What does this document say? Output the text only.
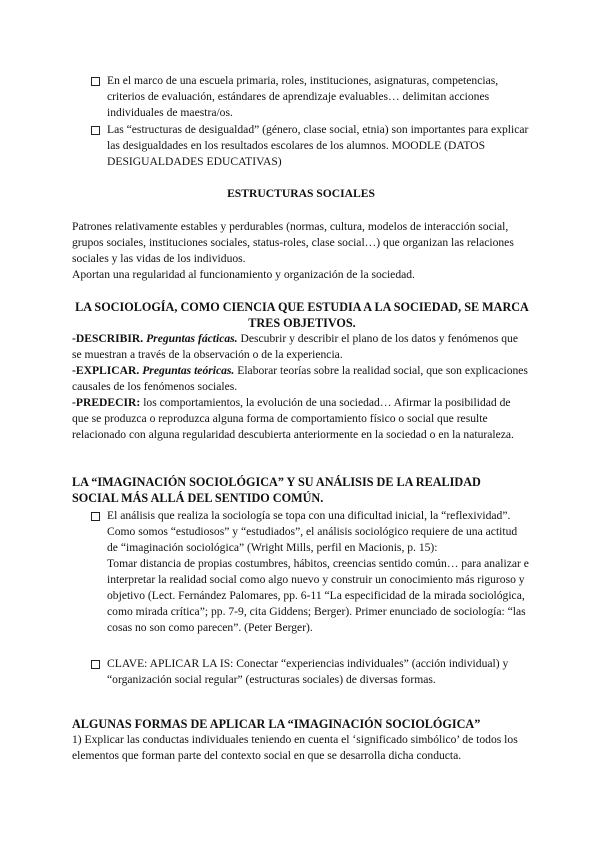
En el marco de una escuela primaria, roles, instituciones, asignaturas, competencias, criterios de evaluación, estándares de aprendizaje evaluables… delimitan acciones individuales de maestra/os.

Las “estructuras de desigualdad” (género, clase social, etnia) son importantes para explicar las desigualdades en los resultados escolares de los alumnos. MOODLE (DATOS DESIGUALDADES EDUCATIVAS)

ESTRUCTURAS SOCIALES

Patrones relativamente estables y perdurables (normas, cultura, modelos de interacción social, grupos sociales, instituciones sociales, status-roles, clase social…) que organizan las relaciones sociales y las vidas de los individuos.

Aportan una regularidad al funcionamiento y organización de la sociedad.

LA SOCIOLOGÍA, COMO CIENCIA QUE ESTUDIA A LA SOCIEDAD, SE MARCA
TRES OBJETIVOS.

-DESCRIBIR. Preguntas fácticas. Descubrir y describir el plano de los datos y fenómenos que se muestran a través de la observación o de la experiencia.

-EXPLICAR. Preguntas teóricas. Elaborar teorías sobre la realidad social, que son explicaciones causales de los fenómenos sociales.

-PREDECIR: los comportamientos, la evolución de una sociedad… Afirmar la posibilidad de que se produzca o reproduzca alguna forma de comportamiento físico o social que resulte relacionado con alguna regularidad descubierta anteriormente en la sociedad o en la naturaleza.

LA “IMAGINACIÓN SOCIOLÓGICA” Y SU ANÁLISIS DE LA REALIDAD
SOCIAL MÁS ALLÁ DEL SENTIDO COMÚN.

El análisis que realiza la sociología se topa con una dificultad inicial, la “reflexividad”. Como somos “estudiosos” y “estudiados”, el análisis sociológico requiere de una actitud de “imaginación sociológica” (Wright Mills, perfil en Macionis, p. 15):

Tomar distancia de propias costumbres, hábitos, creencias sentido común… para analizar e interpretar la realidad social como algo nuevo y construir un conocimiento más riguroso y objetivo (Lect. Fernández Palomares, pp. 6-11 “La especificidad de la mirada sociológica, como mirada crítica”; pp. 7-9, cita Giddens; Berger). Primer enunciado de sociología: “las cosas no son como parecen”. (Peter Berger).

CLAVE: APLICAR LA IS: Conectar “experiencias individuales” (acción individual) y “organización social regular” (estructuras sociales) de diversas formas.

ALGUNAS FORMAS DE APLICAR LA “IMAGINACIÓN SOCIOLÓGICA”

1) Explicar las conductas individuales teniendo en cuenta el ‘significado simbólico’ de todos los elementos que forman parte del contexto social en que se desarrolla dicha conducta.
